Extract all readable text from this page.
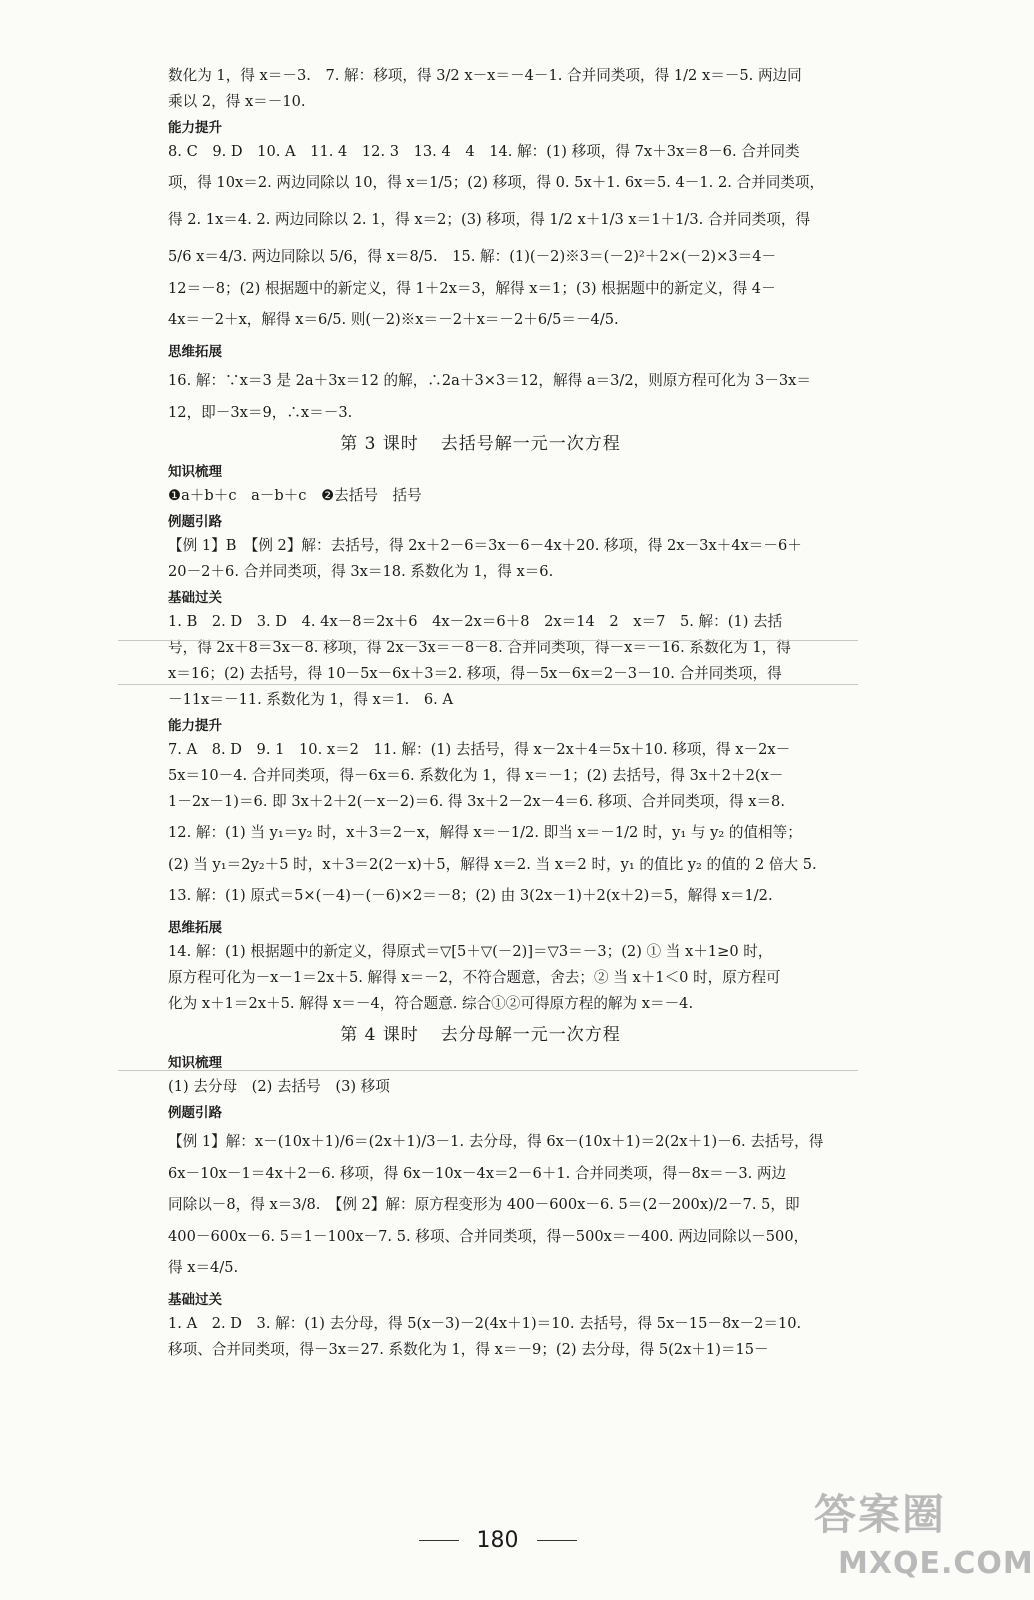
数化为 1，得 x＝－3.　7. 解：移项，得 3/2 x－x＝－4－1. 合并同类项，得 1/2 x＝－5. 两边同
乘以 2，得 x＝－10.
能力提升
8. C　9. D　10. A　11. 4　12. 3　13. 4　4　14. 解：(1) 移项，得 7x＋3x＝8－6. 合并同类
项，得 10x＝2. 两边同除以 10，得 x＝1/5；(2) 移项，得 0. 5x＋1. 6x＝5. 4－1. 2. 合并同类项，
得 2. 1x＝4. 2. 两边同除以 2. 1，得 x＝2；(3) 移项，得 1/2 x＋1/3 x＝1＋1/3. 合并同类项，得
5/6 x＝4/3. 两边同除以 5/6，得 x＝8/5.　15. 解：(1)(－2)※3＝(－2)²＋2×(－2)×3＝4－
12＝－8；(2) 根据题中的新定义，得 1＋2x＝3，解得 x＝1；(3) 根据题中的新定义，得 4－
4x＝－2＋x，解得 x＝6/5. 则(－2)※x＝－2＋x＝－2＋6/5＝－4/5.
思维拓展
16. 解：∵x＝3 是 2a＋3x＝12 的解，∴2a＋3×3＝12，解得 a＝3/2，则原方程可化为 3－3x＝
12，即－3x＝9，∴x＝－3.
第 3 课时 去括号解一元一次方程
知识梳理
❶a＋b＋c　a－b＋c　❷去括号　括号
例题引路
【例 1】B　【例 2】解：去括号，得 2x＋2－6＝3x－6－4x＋20. 移项，得 2x－3x＋4x＝－6＋
20－2＋6. 合并同类项，得 3x＝18. 系数化为 1，得 x＝6.
基础过关
1. B　2. D　3. D　4. 4x－8＝2x＋6　4x－2x＝6＋8　2x＝14　2　x＝7　5. 解：(1) 去括
号，得 2x＋8＝3x－8. 移项，得 2x－3x＝－8－8. 合并同类项，得－x＝－16. 系数化为 1，得
x＝16；(2) 去括号，得 10－5x－6x＋3＝2. 移项，得－5x－6x＝2－3－10. 合并同类项，得
－11x＝－11. 系数化为 1，得 x＝1.　6. A
能力提升
7. A　8. D　9. 1　10. x＝2　11. 解：(1) 去括号，得 x－2x＋4＝5x＋10. 移项，得 x－2x－
5x＝10－4. 合并同类项，得－6x＝6. 系数化为 1，得 x＝－1；(2) 去括号，得 3x＋2＋2(x－
1－2x－1)＝6. 即 3x＋2＋2(－x－2)＝6. 得 3x＋2－2x－4＝6. 移项、合并同类项，得 x＝8.
12. 解：(1) 当 y₁＝y₂ 时，x＋3＝2－x，解得 x＝－1/2. 即当 x＝－1/2 时，y₁ 与 y₂ 的值相等；
(2) 当 y₁＝2y₂＋5 时，x＋3＝2(2－x)＋5，解得 x＝2. 当 x＝2 时，y₁ 的值比 y₂ 的值的 2 倍大 5.
13. 解：(1) 原式＝5×(－4)－(－6)×2＝－8；(2) 由 3(2x－1)＋2(x＋2)＝5，解得 x＝1/2.
思维拓展
14. 解：(1) 根据题中的新定义，得原式＝▽[5＋▽(－2)]＝▽3＝－3；(2) ① 当 x＋1≥0 时，
原方程可化为－x－1＝2x＋5. 解得 x＝－2，不符合题意，舍去；② 当 x＋1＜0 时，原方程可
化为 x＋1＝2x＋5. 解得 x＝－4，符合题意. 综合①②可得原方程的解为 x＝－4.
第 4 课时 去分母解一元一次方程
知识梳理
(1) 去分母　(2) 去括号　(3) 移项
例题引路
【例 1】解：x－(10x＋1)/6＝(2x＋1)/3－1. 去分母，得 6x－(10x＋1)＝2(2x＋1)－6. 去括号，得
6x－10x－1＝4x＋2－6. 移项，得 6x－10x－4x＝2－6＋1. 合并同类项，得－8x＝－3. 两边
同除以－8，得 x＝3/8.　【例 2】解：原方程变形为 400－600x－6. 5＝(2－200x)/2－7. 5，即
400－600x－6. 5＝1－100x－7. 5. 移项、合并同类项，得－500x＝－400. 两边同除以－500，
得 x＝4/5.
基础过关
1. A　2. D　3. 解：(1) 去分母，得 5(x－3)－2(4x＋1)＝10. 去括号，得 5x－15－8x－2＝10.
移项、合并同类项，得－3x＝27. 系数化为 1，得 x＝－9；(2) 去分母，得 5(2x＋1)＝15－
180
答案圈
MXQE.COM
